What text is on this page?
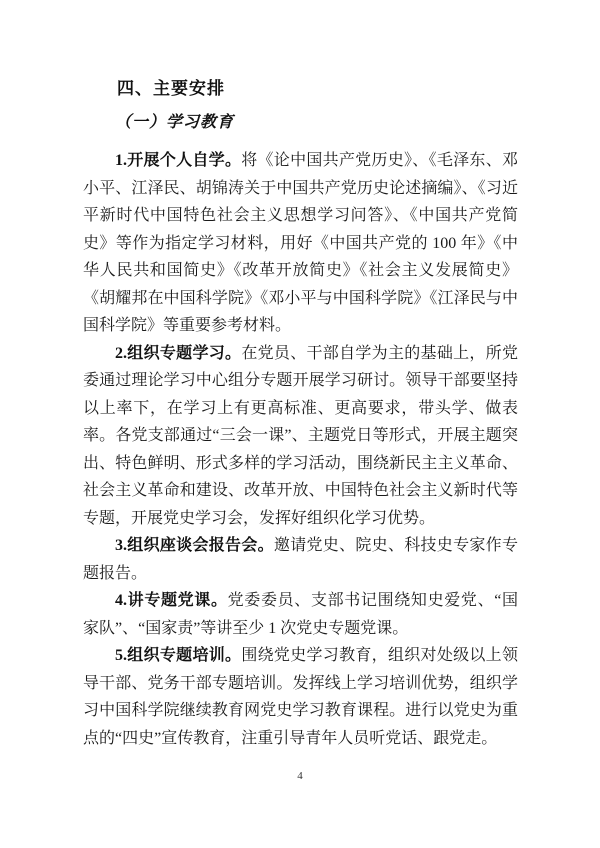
四、主要安排
（一）学习教育

1.开展个人自学。将《论中国共产党历史》、《毛泽东、邓小平、江泽民、胡锦涛关于中国共产党历史论述摘编》、《习近平新时代中国特色社会主义思想学习问答》、《中国共产党简史》等作为指定学习材料，用好《中国共产党的 100 年》《中华人民共和国简史》《改革开放简史》《社会主义发展简史》《胡耀邦在中国科学院》《邓小平与中国科学院》《江泽民与中国科学院》等重要参考材料。

2.组织专题学习。在党员、干部自学为主的基础上，所党委通过理论学习中心组分专题开展学习研讨。领导干部要坚持以上率下，在学习上有更高标准、更高要求，带头学、做表率。各党支部通过“三会一课”、主题党日等形式，开展主题突出、特色鲜明、形式多样的学习活动，围绕新民主主义革命、社会主义革命和建设、改革开放、中国特色社会主义新时代等专题，开展党史学习会，发挥好组织化学习优势。

3.组织座谈会报告会。邀请党史、院史、科技史专家作专题报告。

4.讲专题党课。党委委员、支部书记围绕知史爱党、“国家队”、“国家责”等讲至少 1 次党史专题党课。

5.组织专题培训。围绕党史学习教育，组织对处级以上领导干部、党务干部专题培训。发挥线上学习培训优势，组织学习中国科学院继续教育网党史学习教育课程。进行以党史为重点的“四史”宣传教育，注重引导青年人员听党话、跟党走。

4
